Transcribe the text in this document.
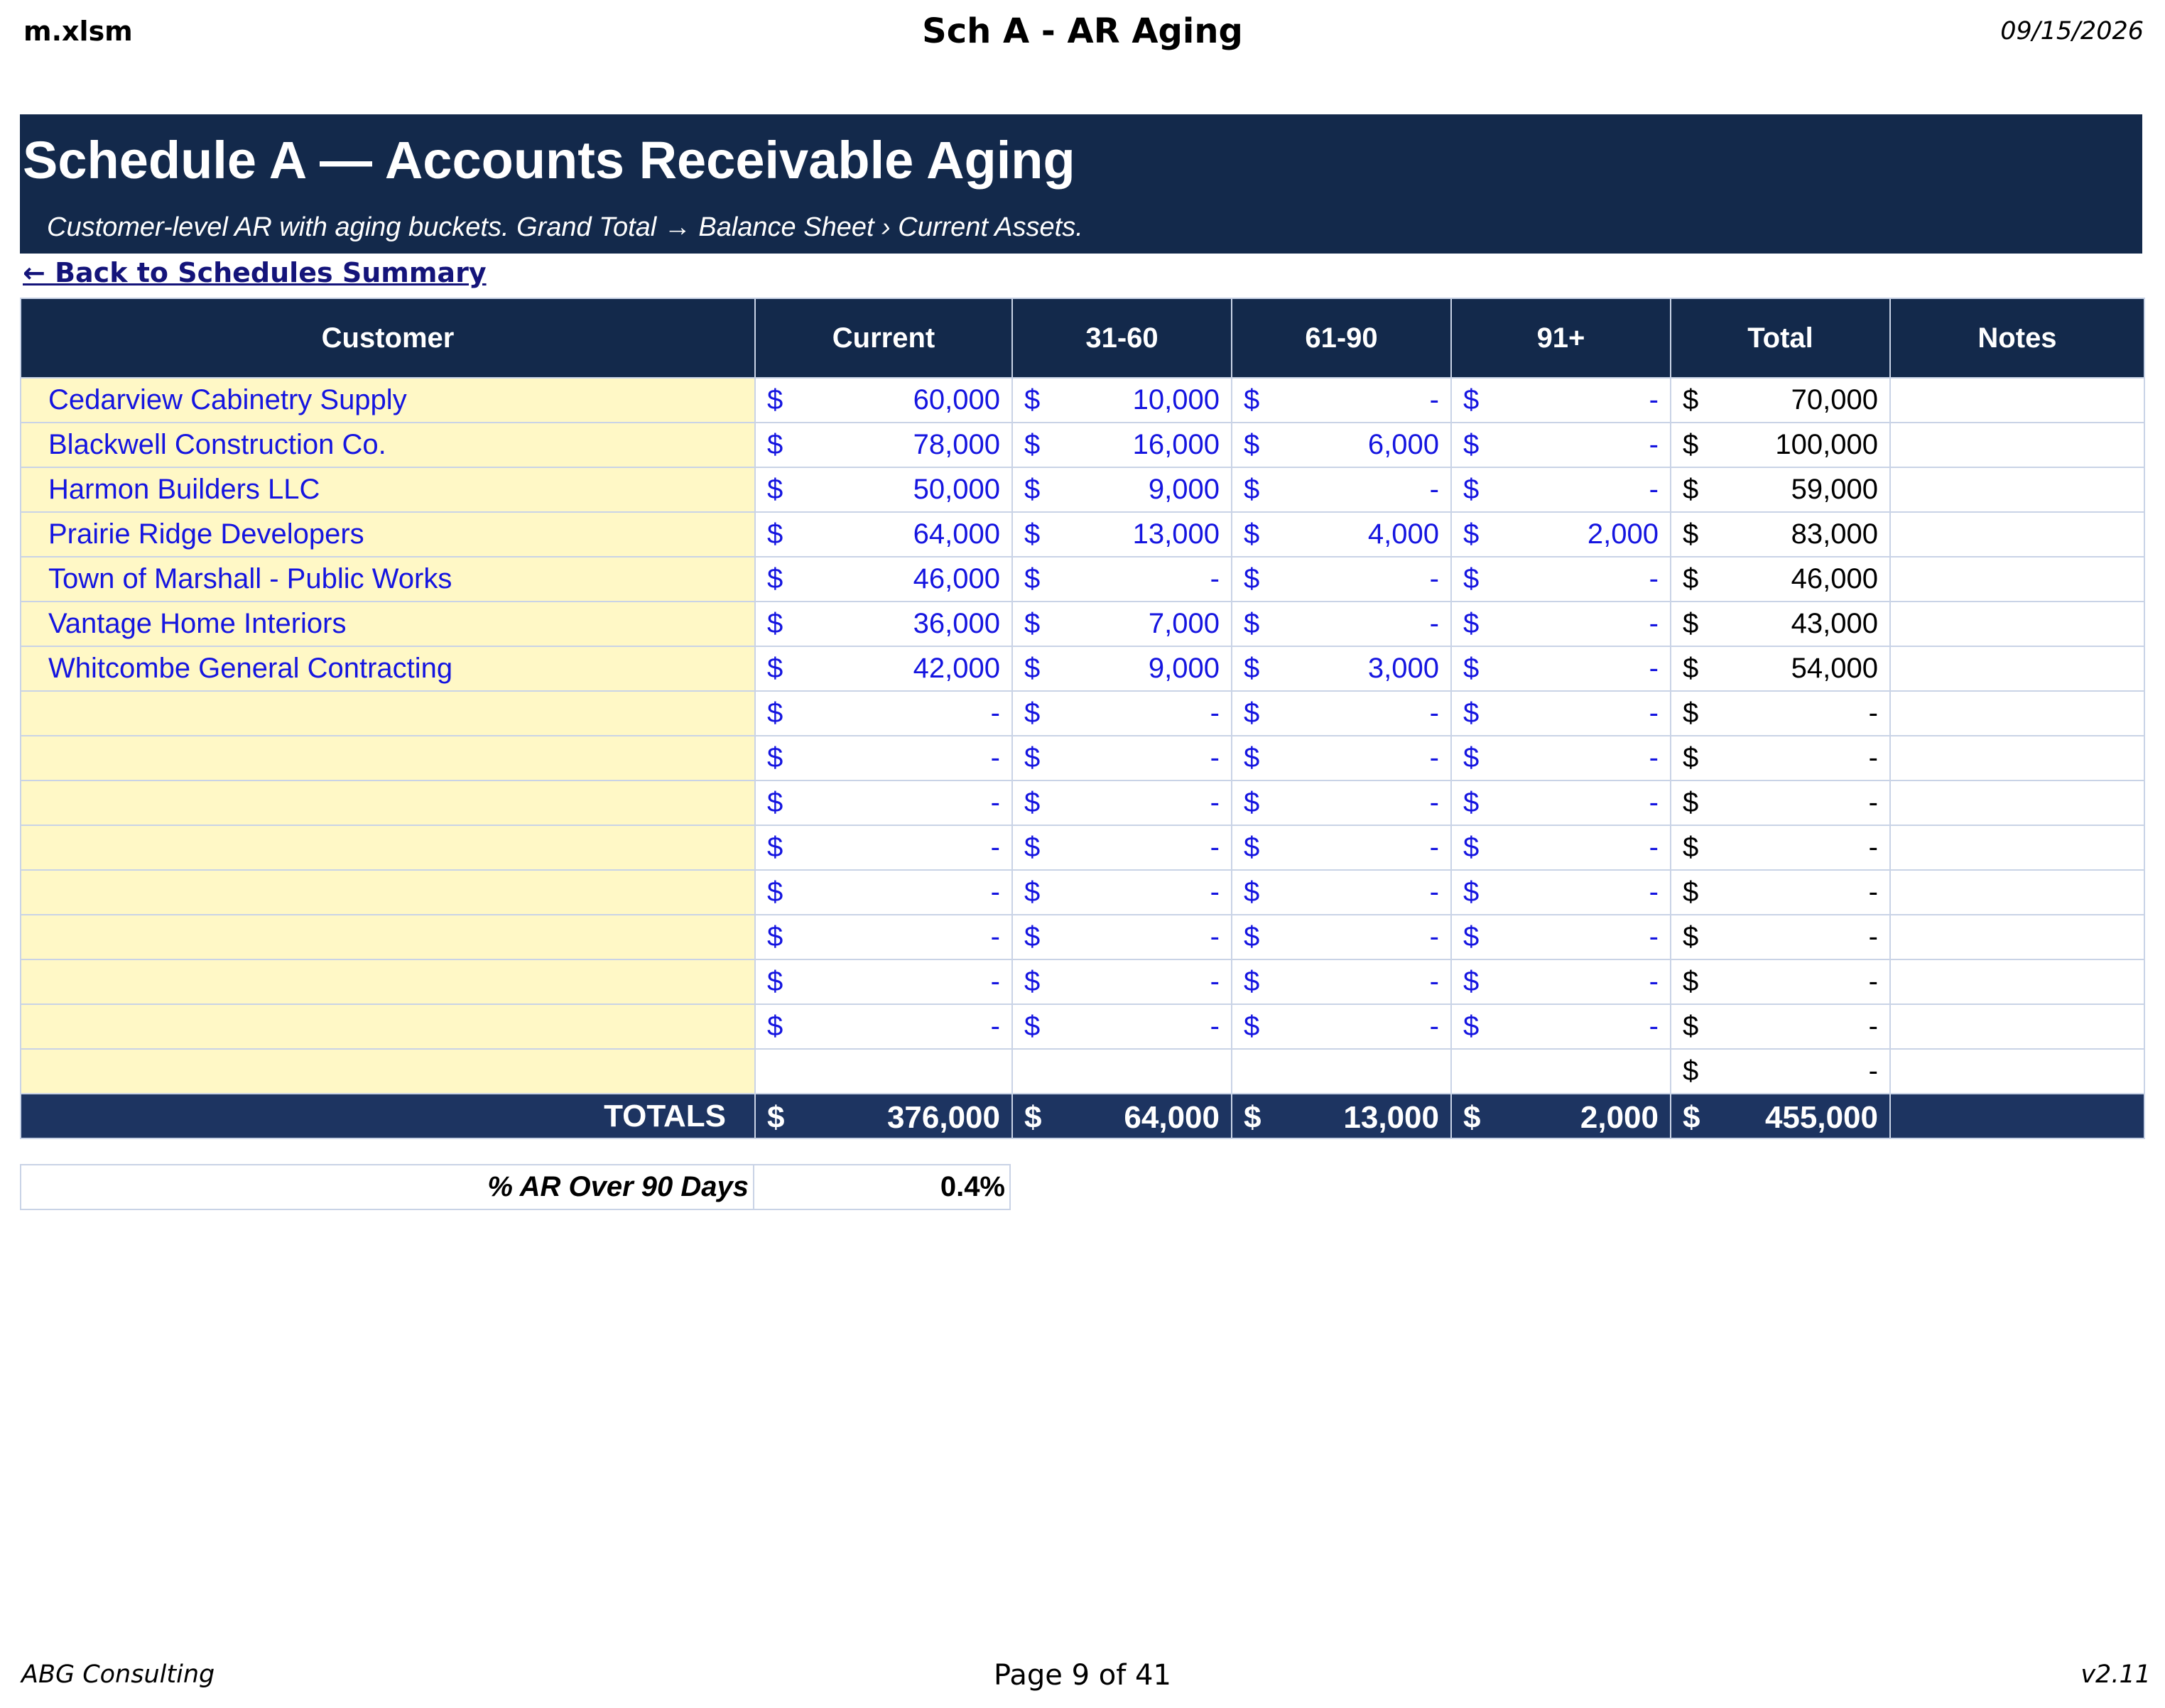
m.xlsm	Sch A - AR Aging	09/15/2026
Schedule A — Accounts Receivable Aging
Customer-level AR with aging buckets. Grand Total → Balance Sheet › Current Assets.
← Back to Schedules Summary
Customer	Current	31-60	61-90	91+	Total	Notes
Cedarview Cabinetry Supply	$ 60,000	$ 10,000	$ -	$ -	$ 70,000	

Blackwell Construction Co.	$ 78,000	$ 16,000	$ 6,000	$ -	$ 100,000	

Harmon Builders LLC	$ 50,000	$ 9,000	$ -	$ -	$ 59,000	

Prairie Ridge Developers	$ 64,000	$ 13,000	$ 4,000	$ 2,000	$ 83,000	

Town of Marshall - Public Works	$ 46,000	$ -	$ -	$ -	$ 46,000	

Vantage Home Interiors	$ 36,000	$ 7,000	$ -	$ -	$ 43,000	

Whitcombe General Contracting	$ 42,000	$ 9,000	$ 3,000	$ -	$ 54,000	

	$ -	$ -	$ -	$ -	$ -	

	$ -	$ -	$ -	$ -	$ -	

	$ -	$ -	$ -	$ -	$ -	

	$ -	$ -	$ -	$ -	$ -	

	$ -	$ -	$ -	$ -	$ -	

	$ -	$ -	$ -	$ -	$ -	

	$ -	$ -	$ -	$ -	$ -	

	$ -	$ -	$ -	$ -	$ -	

					$ -	

TOTALS	$ 376,000	$ 64,000	$ 13,000	$ 2,000	$ 455,000	

% AR Over 90 Days	0.4%
ABG Consulting	Page 9 of 41	v2.11
